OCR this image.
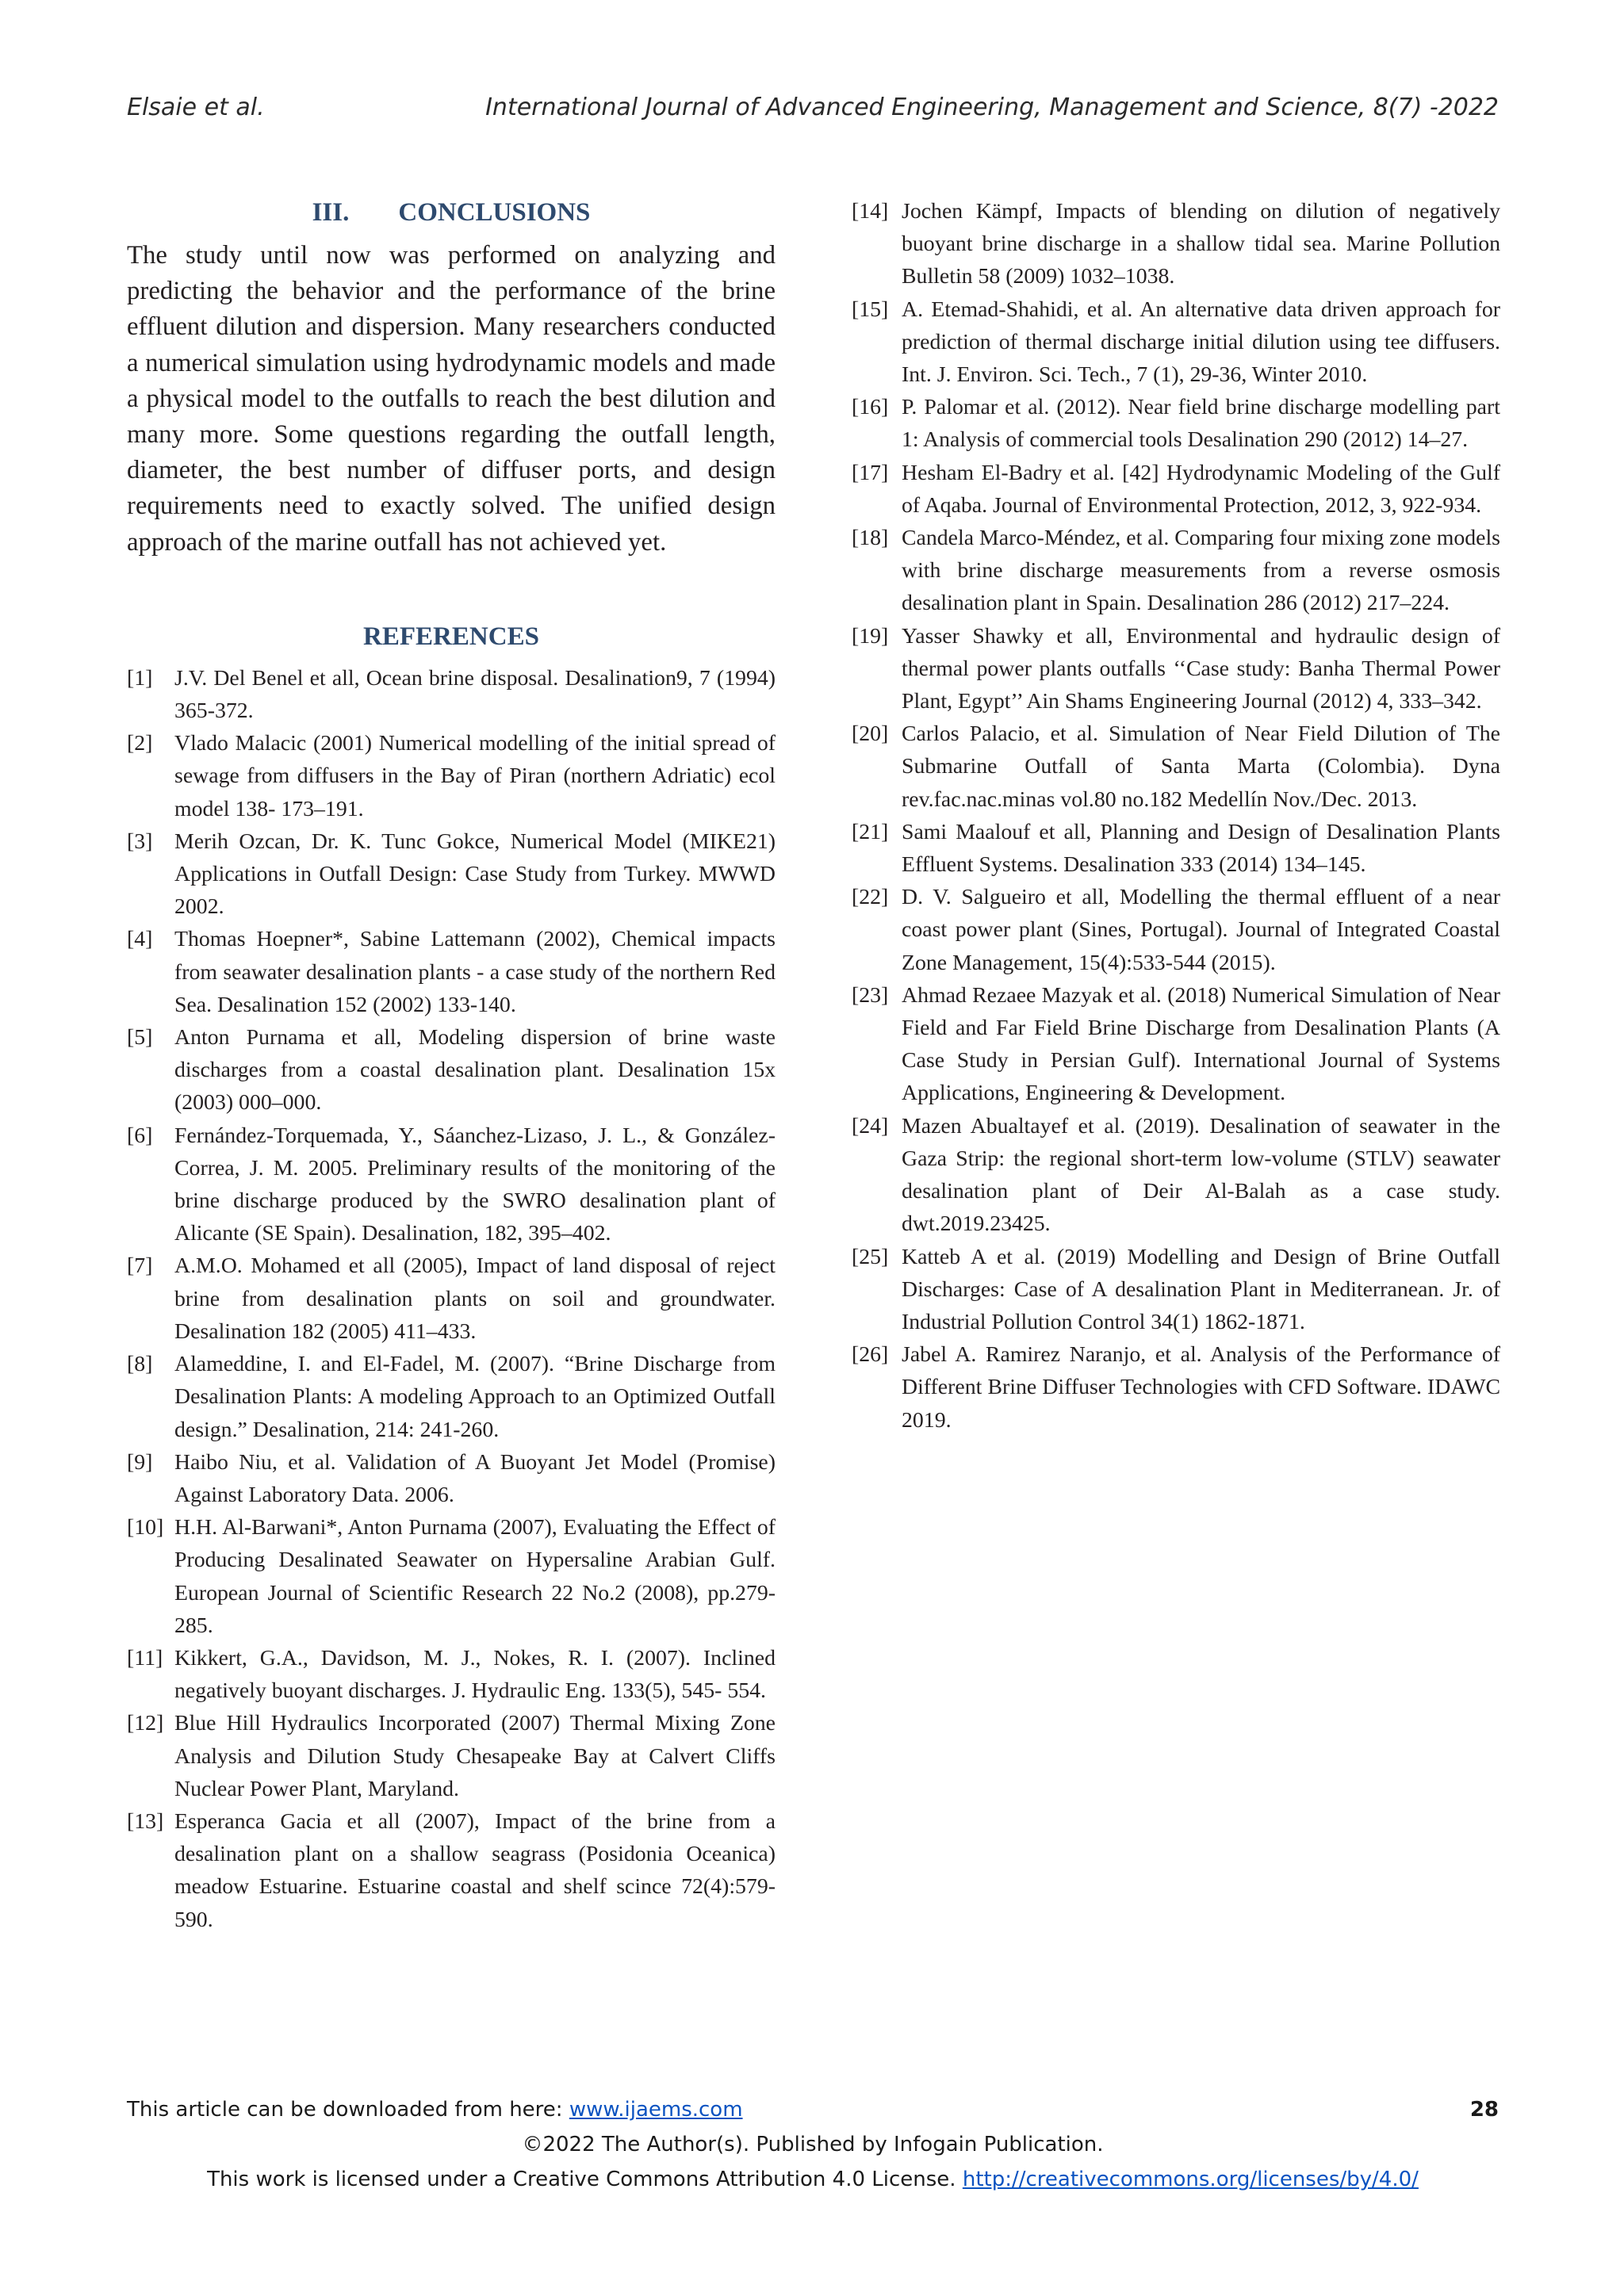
Elsaie et al.	International Journal of Advanced Engineering, Management and Science, 8(7) -2022
III. CONCLUSIONS

The study until now was performed on analyzing and predicting the behavior and the performance of the brine effluent dilution and dispersion. Many researchers conducted a numerical simulation using hydrodynamic models and made a physical model to the outfalls to reach the best dilution and many more. Some questions regarding the outfall length, diameter, the best number of diffuser ports, and design requirements need to exactly solved. The unified design approach of the marine outfall has not achieved yet.

REFERENCES

[1] J.V. Del Benel et all, Ocean brine disposal. Desalination9, 7 (1994) 365-372.

[2] Vlado Malacic (2001) Numerical modelling of the initial spread of sewage from diffusers in the Bay of Piran (northern Adriatic) ecol model 138- 173–191.

[3] Merih Ozcan, Dr. K. Tunc Gokce, Numerical Model (MIKE21) Applications in Outfall Design: Case Study from Turkey. MWWD 2002.

[4] Thomas Hoepner*, Sabine Lattemann (2002), Chemical impacts from seawater desalination plants - a case study of the northern Red Sea. Desalination 152 (2002) 133-140.

[5] Anton Purnama et all, Modeling dispersion of brine waste discharges from a coastal desalination plant. Desalination 15x (2003) 000–000.

[6] Fernández-Torquemada, Y., Sáanchez-Lizaso, J. L., & González- Correa, J. M. 2005. Preliminary results of the monitoring of the brine discharge produced by the SWRO desalination plant of Alicante (SE Spain). Desalination, 182, 395–402.

[7] A.M.O. Mohamed et all (2005), Impact of land disposal of reject brine from desalination plants on soil and groundwater. Desalination 182 (2005) 411–433.

[8] Alameddine, I. and El-Fadel, M. (2007). “Brine Discharge from Desalination Plants: A modeling Approach to an Optimized Outfall design.” Desalination, 214: 241-260.

[9] Haibo Niu, et al. Validation of A Buoyant Jet Model (Promise) Against Laboratory Data. 2006.

[10] H.H. Al-Barwani*, Anton Purnama (2007), Evaluating the Effect of Producing Desalinated Seawater on Hypersaline Arabian Gulf. European Journal of Scientific Research 22 No.2 (2008), pp.279-285.

[11] Kikkert, G.A., Davidson, M. J., Nokes, R. I. (2007). Inclined negatively buoyant discharges. J. Hydraulic Eng. 133(5), 545- 554.

[12] Blue Hill Hydraulics Incorporated (2007) Thermal Mixing Zone Analysis and Dilution Study Chesapeake Bay at Calvert Cliffs Nuclear Power Plant, Maryland.

[13] Esperanca Gacia et all (2007), Impact of the brine from a desalination plant on a shallow seagrass (Posidonia Oceanica) meadow Estuarine. Estuarine coastal and shelf scince 72(4):579-590.

[14] Jochen Kämpf, Impacts of blending on dilution of negatively buoyant brine discharge in a shallow tidal sea. Marine Pollution Bulletin 58 (2009) 1032–1038.

[15] A. Etemad-Shahidi, et al. An alternative data driven approach for prediction of thermal discharge initial dilution using tee diffusers. Int. J. Environ. Sci. Tech., 7 (1), 29-36, Winter 2010.

[16] P. Palomar et al. (2012). Near field brine discharge modelling part 1: Analysis of commercial tools Desalination 290 (2012) 14–27.

[17] Hesham El-Badry et al. [42] Hydrodynamic Modeling of the Gulf of Aqaba. Journal of Environmental Protection, 2012, 3, 922-934.

[18] Candela Marco-Méndez, et al. Comparing four mixing zone models with brine discharge measurements from a reverse osmosis desalination plant in Spain. Desalination 286 (2012) 217–224.

[19] Yasser Shawky et all, Environmental and hydraulic design of thermal power plants outfalls ‘‘Case study: Banha Thermal Power Plant, Egypt’’ Ain Shams Engineering Journal (2012) 4, 333–342.

[20] Carlos Palacio, et al. Simulation of Near Field Dilution of The Submarine Outfall of Santa Marta (Colombia). Dyna rev.fac.nac.minas vol.80 no.182 Medellín Nov./Dec. 2013.

[21] Sami Maalouf et all, Planning and Design of Desalination Plants Effluent Systems. Desalination 333 (2014) 134–145.

[22] D. V. Salgueiro et all, Modelling the thermal effluent of a near coast power plant (Sines, Portugal). Journal of Integrated Coastal Zone Management, 15(4):533-544 (2015).

[23] Ahmad Rezaee Mazyak et al. (2018) Numerical Simulation of Near Field and Far Field Brine Discharge from Desalination Plants (A Case Study in Persian Gulf). International Journal of Systems Applications, Engineering & Development.

[24] Mazen Abualtayef et al. (2019). Desalination of seawater in the Gaza Strip: the regional short-term low-volume (STLV) seawater desalination plant of Deir Al-Balah as a case study. dwt.2019.23425.

[25] Katteb A et al. (2019) Modelling and Design of Brine Outfall Discharges: Case of A desalination Plant in Mediterranean. Jr. of Industrial Pollution Control 34(1) 1862-1871.

[26] Jabel A. Ramirez Naranjo, et al. Analysis of the Performance of Different Brine Diffuser Technologies with CFD Software. IDAWC 2019.

This article can be downloaded from here: www.ijaems.com	28
©2022 The Author(s). Published by Infogain Publication.
This work is licensed under a Creative Commons Attribution 4.0 License. http://creativecommons.org/licenses/by/4.0/
